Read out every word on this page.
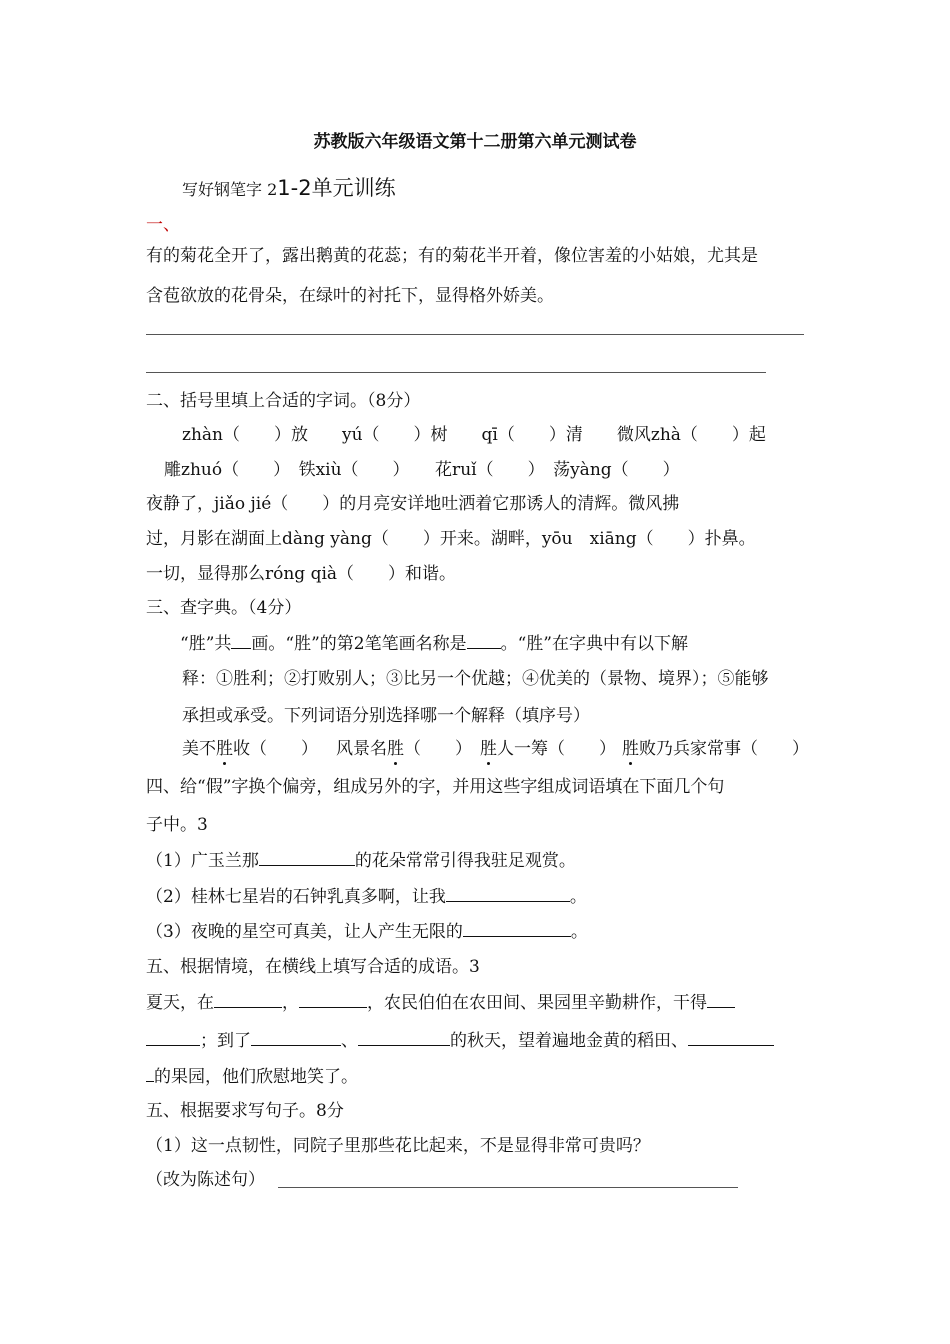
苏教版六年级语文第十二册第六单元测试卷
写好钢笔字 21-2单元训练
一、
有的菊花全开了，露出鹅黄的花蕊；有的菊花半开着，像位害羞的小姑娘，尤其是
含苞欲放的花骨朵，在绿叶的衬托下，显得格外娇美。
二、括号里填上合适的字词。（8分）
zhàn（　　）放　　yú（　　）树　　qī（　　）清　　微风zhà（　　）起
雕zhuó（　　）　铁xiù（　　）　　花ruǐ（　　）　荡yàng（　　）
夜静了，jiǎo jié（　　）的月亮安详地吐洒着它那诱人的清辉。微风拂
过，月影在湖面上dàng yàng（　　）开来。湖畔，yōu　xiāng（　　）扑鼻。
一切，显得那么róng qià（　　）和谐。
三、查字典。（4分）
“胜”共 画。“胜”的第2笔笔画名称是 。“胜”在字典中有以下解
释：①胜利；②打败别人；③比另一个优越；④优美的（景物、境界）；⑤能够
承担或承受。下列词语分别选择哪一个解释（填序号）
美不胜收（　　） 风景名胜（　　） 胜人一筹（　　） 胜败乃兵家常事（　　）
四、给“假”字换个偏旁，组成另外的字，并用这些字组成词语填在下面几个句
子中。3
（1）广玉兰那	的花朵常常引得我驻足观赏。
（2）桂林七星岩的石钟乳真多啊，让我	。
（3）夜晚的星空可真美，让人产生无限的	。
五、根据情境，在横线上填写合适的成语。3
夏天，在	，	，农民伯伯在农田间、果园里辛勤耕作，干得
；到了	、	的秋天，望着遍地金黄的稻田、
的果园，他们欣慰地笑了。
五、根据要求写句子。8分
（1）这一点韧性，同院子里那些花比起来，不是显得非常可贵吗？
（改为陈述句）
